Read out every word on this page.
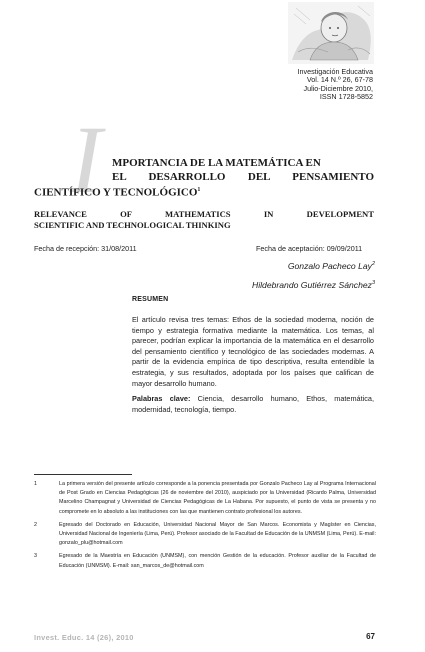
Investigación Educativa
Vol. 14 N.º 26, 67-78
Julio-Diciembre 2010,
ISSN 1728-5852
I	MPORTANCIA DE LA MATEMÁTICA EN
EL DESARROLLO DEL PENSAMIENTO
CIENTÍFICO Y TECNOLÓGICO$^1$
RELEVANCE OF MATHEMATICS IN DEVELOPMENT
SCIENTIFIC AND TECHNOLOGICAL THINKING
Fecha de recepción: 31/08/2011	Fecha de aceptación: 09/09/2011
Gonzalo Pacheco Lay$^2$
Hildebrando Gutiérrez Sánchez$^3$
RESUMEN
El artículo revisa tres temas: Ethos de la sociedad moderna, noción de tiempo y estrategia formativa mediante la matemática. Los temas, al parecer, podrían explicar la importancia de la matemática en el desarrollo del pensamiento científico y tecnológico de las sociedades modernas. A partir de la evidencia empírica de tipo descriptiva, resulta entendible la estrategia, y sus resultados, adoptada por los países que califican de mayor desarrollo humano.
Palabras clave: Ciencia, desarrollo humano, Ethos, matemática, modernidad, tecnología, tiempo.
1	La primera versión del presente artículo corresponde a la ponencia presentada por Gonzalo Pacheco Lay al Programa Internacional de Post Grado en Ciencias Pedagógicas (26 de noviembre del 2010), auspiciado por la Universidad (Ricardo Palma, Universidad Marcelino Champagnat y Universidad de Ciencias Pedagógicas de La Habana. Por supuesto, el punto de vista se presenta y no compromete en lo absoluto a las instituciones con las que mantienen contrato profesional los autores.
2	Egresado del Doctorado en Educación, Universidad Nacional Mayor de San Marcos. Economista y Magíster en Ciencias, Universidad Nacional de Ingeniería (Lima, Perú). Profesor asociado de la Facultad de Educación de la UNMSM (Lima, Perú). E-mail: gonzalo_plu@hotmail.com
3	Egresado de la Maestría en Educación (UNMSM), con mención Gestión de la educación. Profesor auxiliar de la Facultad de Educación (UNMSM). E-mail: san_marcos_de@hotmail.com
Invest. Educ. 14 (26), 2010	67
